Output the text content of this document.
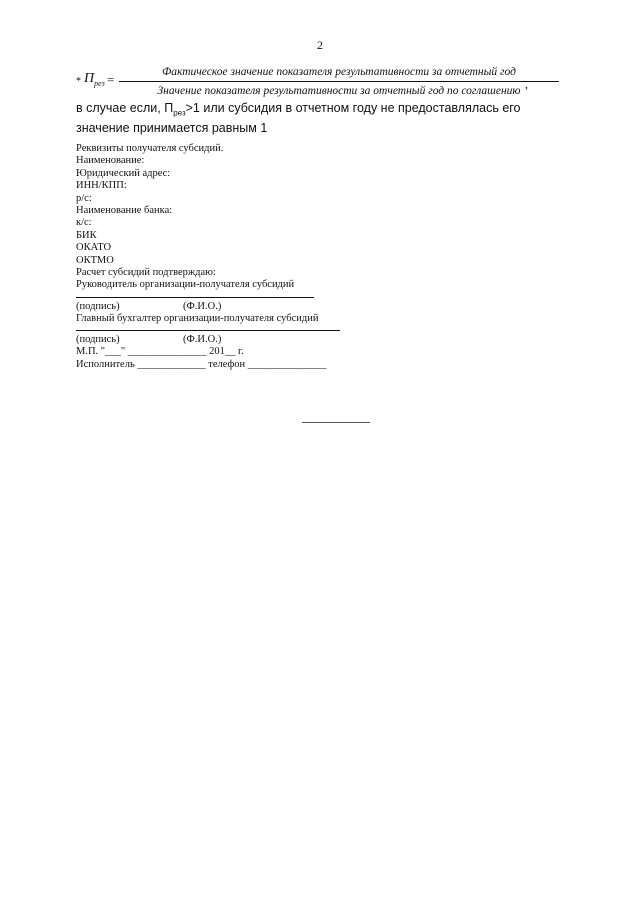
2
* $П_{рез}$ =	Фактическое значение показателя результативности за отчетный год
Значение показателя результативности за отчетный год по соглашению ,
в случае если, $П_{рез}>1$ или субсидия в отчетном году не предоставлялась его значение принимается равным 1
Реквизиты получателя субсидий.
Наименование:
Юридический адрес:
ИНН/КПП:
р/с:
Наименование банка:
к/с:
БИК
ОКАТО
ОКТМО
Расчет субсидий подтверждаю:
Руководитель организации-получателя субсидий

(подпись)

	(Ф.И.О.)

Главный бухгалтер организации-получателя субсидий

(подпись)

	(Ф.И.О.)

М.П. "___" _______________ 201__ г.
Исполнитель _____________ телефон _______________
